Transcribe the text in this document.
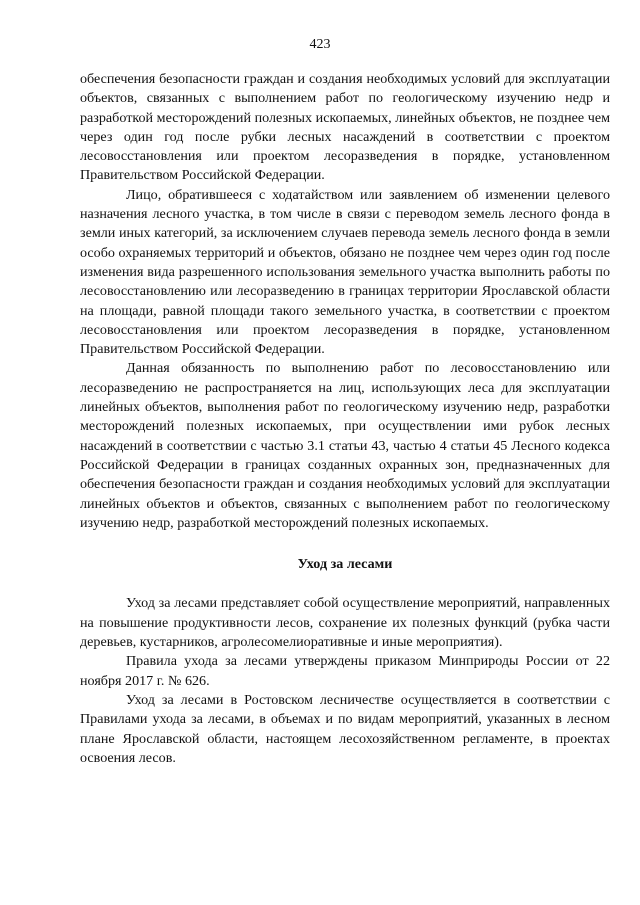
423

обеспечения безопасности граждан и создания необходимых условий для эксплуатации объектов, связанных с выполнением работ по геологическому изучению недр и разработкой месторождений полезных ископаемых, линейных объектов, не позднее чем через один год после рубки лесных насаждений в соответствии с проектом лесовосстановления или проектом лесоразведения в порядке, установленном Правительством Российской Федерации.

Лицо, обратившееся с ходатайством или заявлением об изменении целевого назначения лесного участка, в том числе в связи с переводом земель лесного фонда в земли иных категорий, за исключением случаев перевода земель лесного фонда в земли особо охраняемых территорий и объектов, обязано не позднее чем через один год после изменения вида разрешенного использования земельного участка выполнить работы по лесовосстановлению или лесоразведению в границах территории Ярославской области на площади, равной площади такого земельного участка, в соответствии с проектом лесовосстановления или проектом лесоразведения в порядке, установленном Правительством Российской Федерации.

Данная обязанность по выполнению работ по лесовосстановлению или лесоразведению не распространяется на лиц, использующих леса для эксплуатации линейных объектов, выполнения работ по геологическому изучению недр, разработки месторождений полезных ископаемых, при осуществлении ими рубок лесных насаждений в соответствии с частью 3.1 статьи 43, частью 4 статьи 45 Лесного кодекса Российской Федерации в границах созданных охранных зон, предназначенных для обеспечения безопасности граждан и создания необходимых условий для эксплуатации линейных объектов и объектов, связанных с выполнением работ по геологическому изучению недр, разработкой месторождений полезных ископаемых.

Уход за лесами

Уход за лесами представляет собой осуществление мероприятий, направленных на повышение продуктивности лесов, сохранение их полезных функций (рубка части деревьев, кустарников, агролесомелиоративные и иные мероприятия).

Правила ухода за лесами утверждены приказом Минприроды России от 22 ноября 2017 г. № 626.

Уход за лесами в Ростовском лесничестве осуществляется в соответствии с Правилами ухода за лесами, в объемах и по видам мероприятий, указанных в лесном плане Ярославской области, настоящем лесохозяйственном регламенте, в проектах освоения лесов.
